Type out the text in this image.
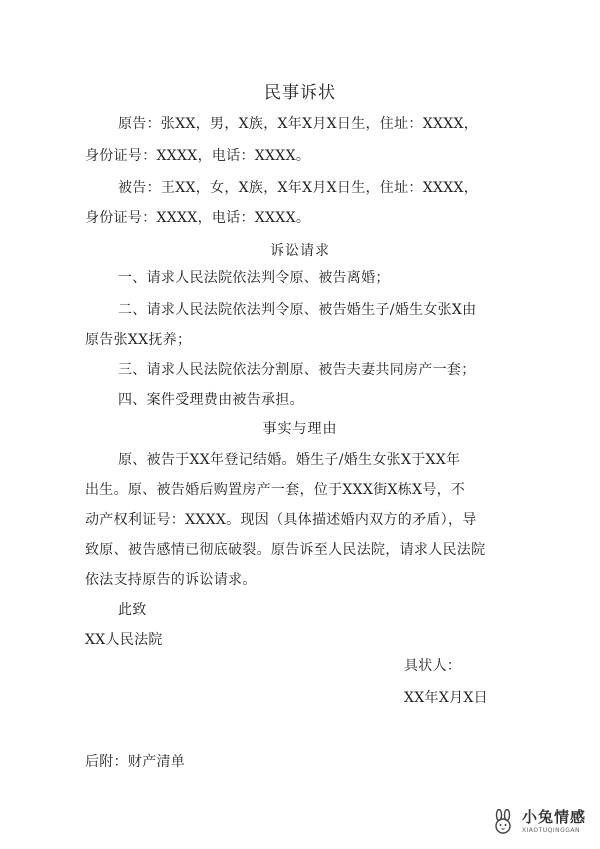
民事诉状
原告：张XX，男，X族，X年X月X日生，住址：XXXX，
身份证号：XXXX，电话：XXXX。
被告：王XX，女，X族，X年X月X日生，住址：XXXX，
身份证号：XXXX，电话：XXXX。
诉讼请求
一、请求人民法院依法判令原、被告离婚；
二、请求人民法院依法判令原、被告婚生子/婚生女张X由
原告张XX抚养；
三、请求人民法院依法分割原、被告夫妻共同房产一套；
四、案件受理费由被告承担。
事实与理由
原、被告于XX年登记结婚。婚生子/婚生女张X于XX年
出生。原、被告婚后购置房产一套，位于XXX街X栋X号，不
动产权利证号：XXXX。现因（具体描述婚内双方的矛盾），导
致原、被告感情已彻底破裂。原告诉至人民法院，请求人民法院
依法支持原告的诉讼请求。
此致
XX人民法院
具状人：
XX年X月X日
后附：财产清单
小兔情感
XIAOTUQINGGAN
